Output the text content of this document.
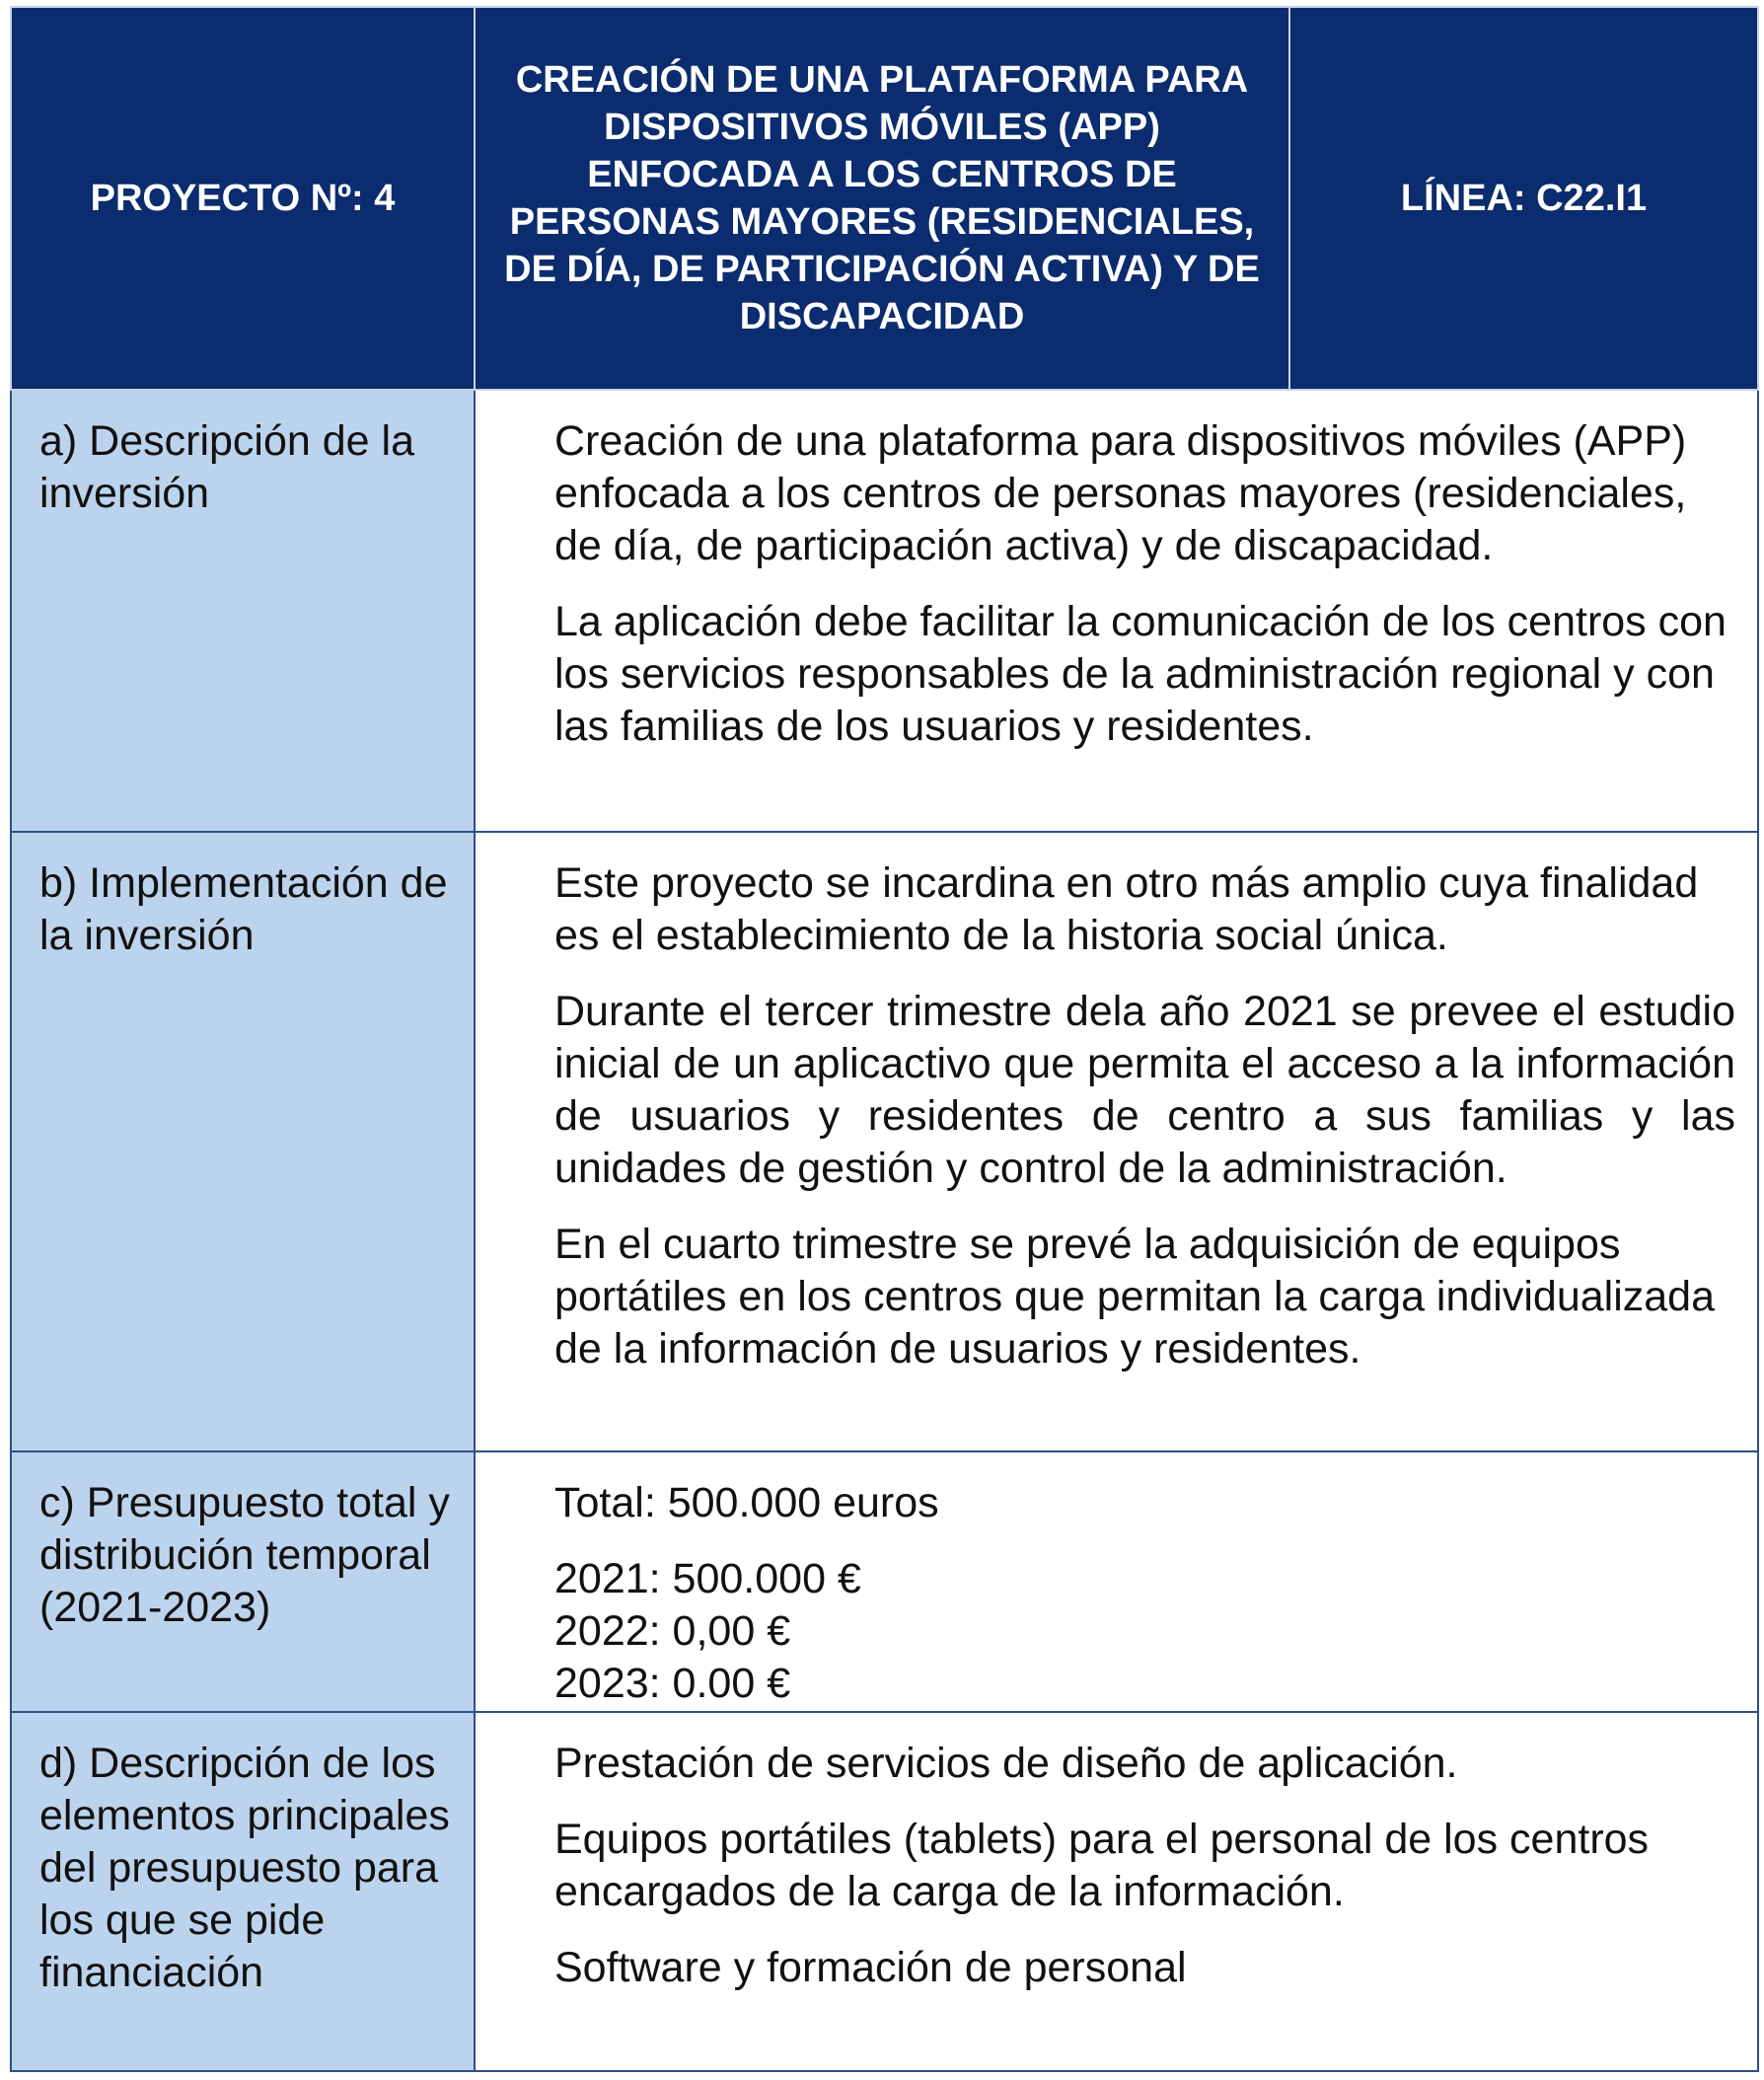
PROYECTO Nº: 4	CREACIÓN DE UNA PLATAFORMA PARA DISPOSITIVOS MÓVILES (APP) ENFOCADA A LOS CENTROS DE PERSONAS MAYORES (RESIDENCIALES, DE DÍA, DE PARTICIPACIÓN ACTIVA) Y DE DISCAPACIDAD	LÍNEA: C22.I1
a) Descripción de la inversión	Creación de una plataforma para dispositivos móviles (APP) enfocada a los centros de personas mayores (residenciales, de día, de participación activa) y de discapacidad.

La aplicación debe facilitar la comunicación de los centros con los servicios responsables de la administración regional y con las familias de los usuarios y residentes.	

b) Implementación de la inversión	Este proyecto se incardina en otro más amplio cuya finalidad es el establecimiento de la historia social única.

Durante el tercer trimestre dela año 2021 se prevee el estudio inicial de un aplicactivo que permita el acceso a la información de usuarios y residentes de centro a sus familias y las unidades de gestión y control de la administración.

En el cuarto trimestre se prevé la adquisición de equipos portátiles en los centros que permitan la carga individualizada de la información de usuarios y residentes.	

c) Presupuesto total y distribución temporal (2021-2023)	Total: 500.000 euros

2021: 500.000 €
2022: 0,00 €
2023: 0.00 €	

d) Descripción de los elementos principales del presupuesto para los que se pide financiación	Prestación de servicios de diseño de aplicación.

Equipos portátiles (tablets) para el personal de los centros encargados de la carga de la información.

Software y formación de personal	
